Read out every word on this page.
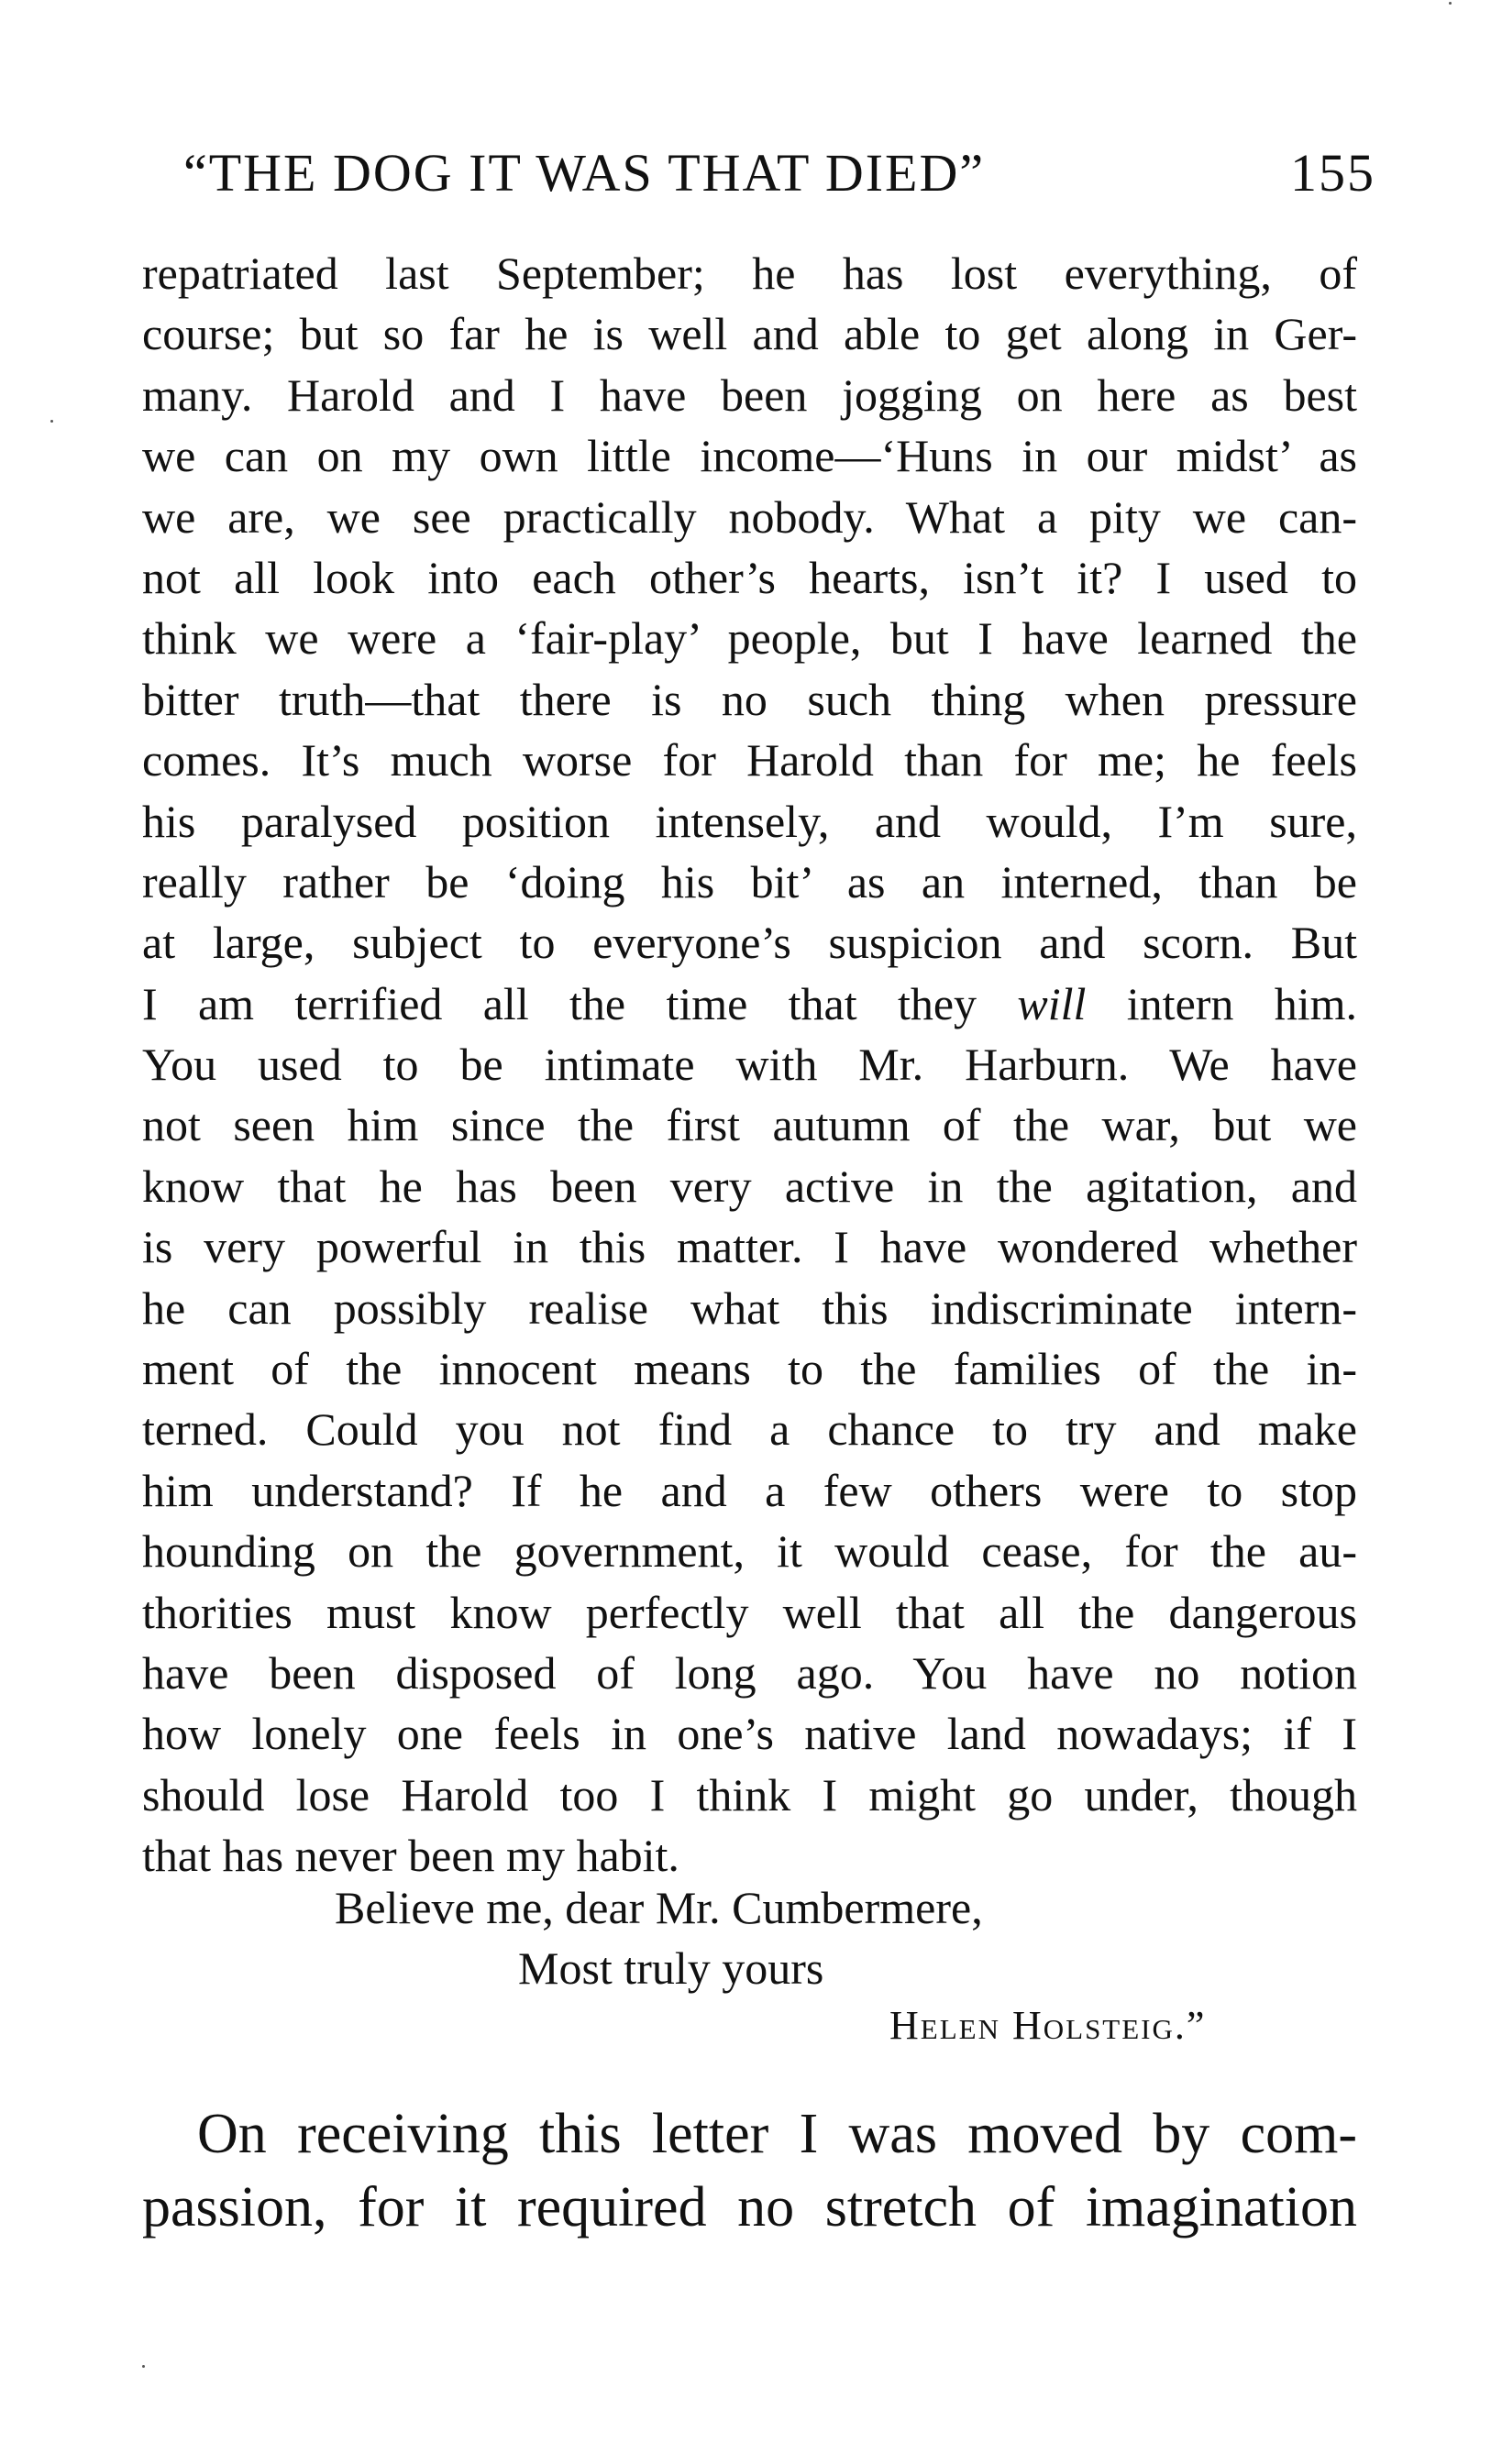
“THE DOG IT WAS THAT DIED”	155
repatriated last September; he has lost everything, of
course; but so far he is well and able to get along in Ger-
many. Harold and I have been jogging on here as best
we can on my own little income—‘Huns in our midst’ as
we are, we see practically nobody. What a pity we can-
not all look into each other’s hearts, isn’t it? I used to
think we were a ‘fair-play’ people, but I have learned the
bitter truth—that there is no such thing when pressure
comes. It’s much worse for Harold than for me; he feels
his paralysed position intensely, and would, I’m sure,
really rather be ‘doing his bit’ as an interned, than be
at large, subject to everyone’s suspicion and scorn. But
I am terrified all the time that they will intern him.
You used to be intimate with Mr. Harburn. We have
not seen him since the first autumn of the war, but we
know that he has been very active in the agitation, and
is very powerful in this matter. I have wondered whether
he can possibly realise what this indiscriminate intern-
ment of the innocent means to the families of the in-
terned. Could you not find a chance to try and make
him understand? If he and a few others were to stop
hounding on the government, it would cease, for the au-
thorities must know perfectly well that all the dangerous
have been disposed of long ago. You have no notion
how lonely one feels in one’s native land nowadays; if I
should lose Harold too I think I might go under, though
that has never been my habit.
Believe me, dear Mr. Cumbermere,
Most truly yours
Helen Holsteig.”
On receiving this letter I was moved by com-
passion, for it required no stretch of imagination
